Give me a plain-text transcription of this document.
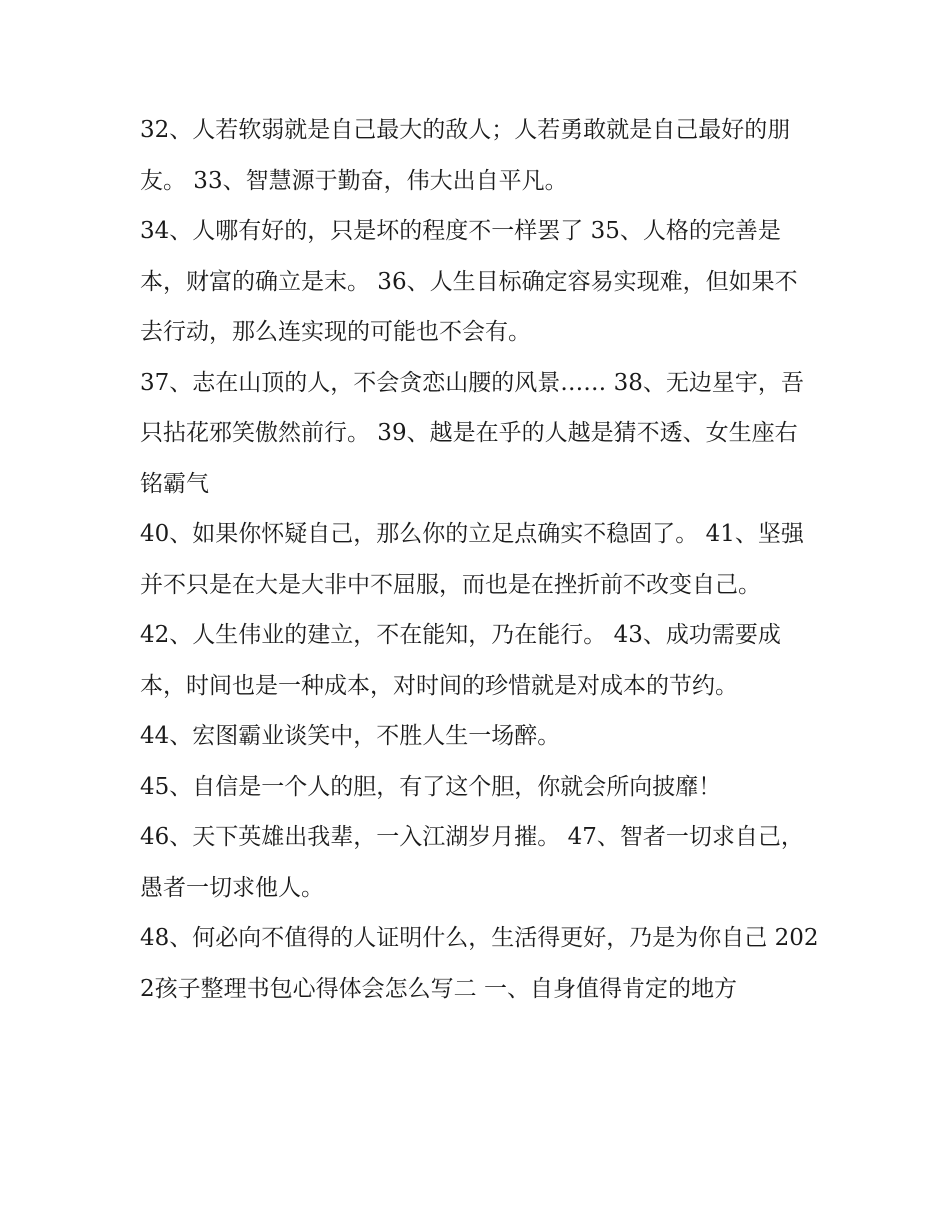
32、人若软弱就是自己最大的敌人；人若勇敢就是自己最好的朋友。 33、智慧源于勤奋，伟大出自平凡。

34、人哪有好的，只是坏的程度不一样罢了 35、人格的完善是本，财富的确立是末。 36、人生目标确定容易实现难，但如果不去行动，那么连实现的可能也不会有。

37、志在山顶的人，不会贪恋山腰的风景…… 38、无边星宇，吾只拈花邪笑傲然前行。 39、越是在乎的人越是猜不透、女生座右铭霸气

40、如果你怀疑自己，那么你的立足点确实不稳固了。 41、坚强并不只是在大是大非中不屈服，而也是在挫折前不改变自己。

42、人生伟业的建立，不在能知，乃在能行。 43、成功需要成本，时间也是一种成本，对时间的珍惜就是对成本的节约。

44、宏图霸业谈笑中，不胜人生一场醉。

45、自信是一个人的胆，有了这个胆，你就会所向披靡！

46、天下英雄出我辈，一入江湖岁月摧。 47、智者一切求自己，愚者一切求他人。

48、何必向不值得的人证明什么，生活得更好，乃是为你自己 2022孩子整理书包心得体会怎么写二 一、自身值得肯定的地方
